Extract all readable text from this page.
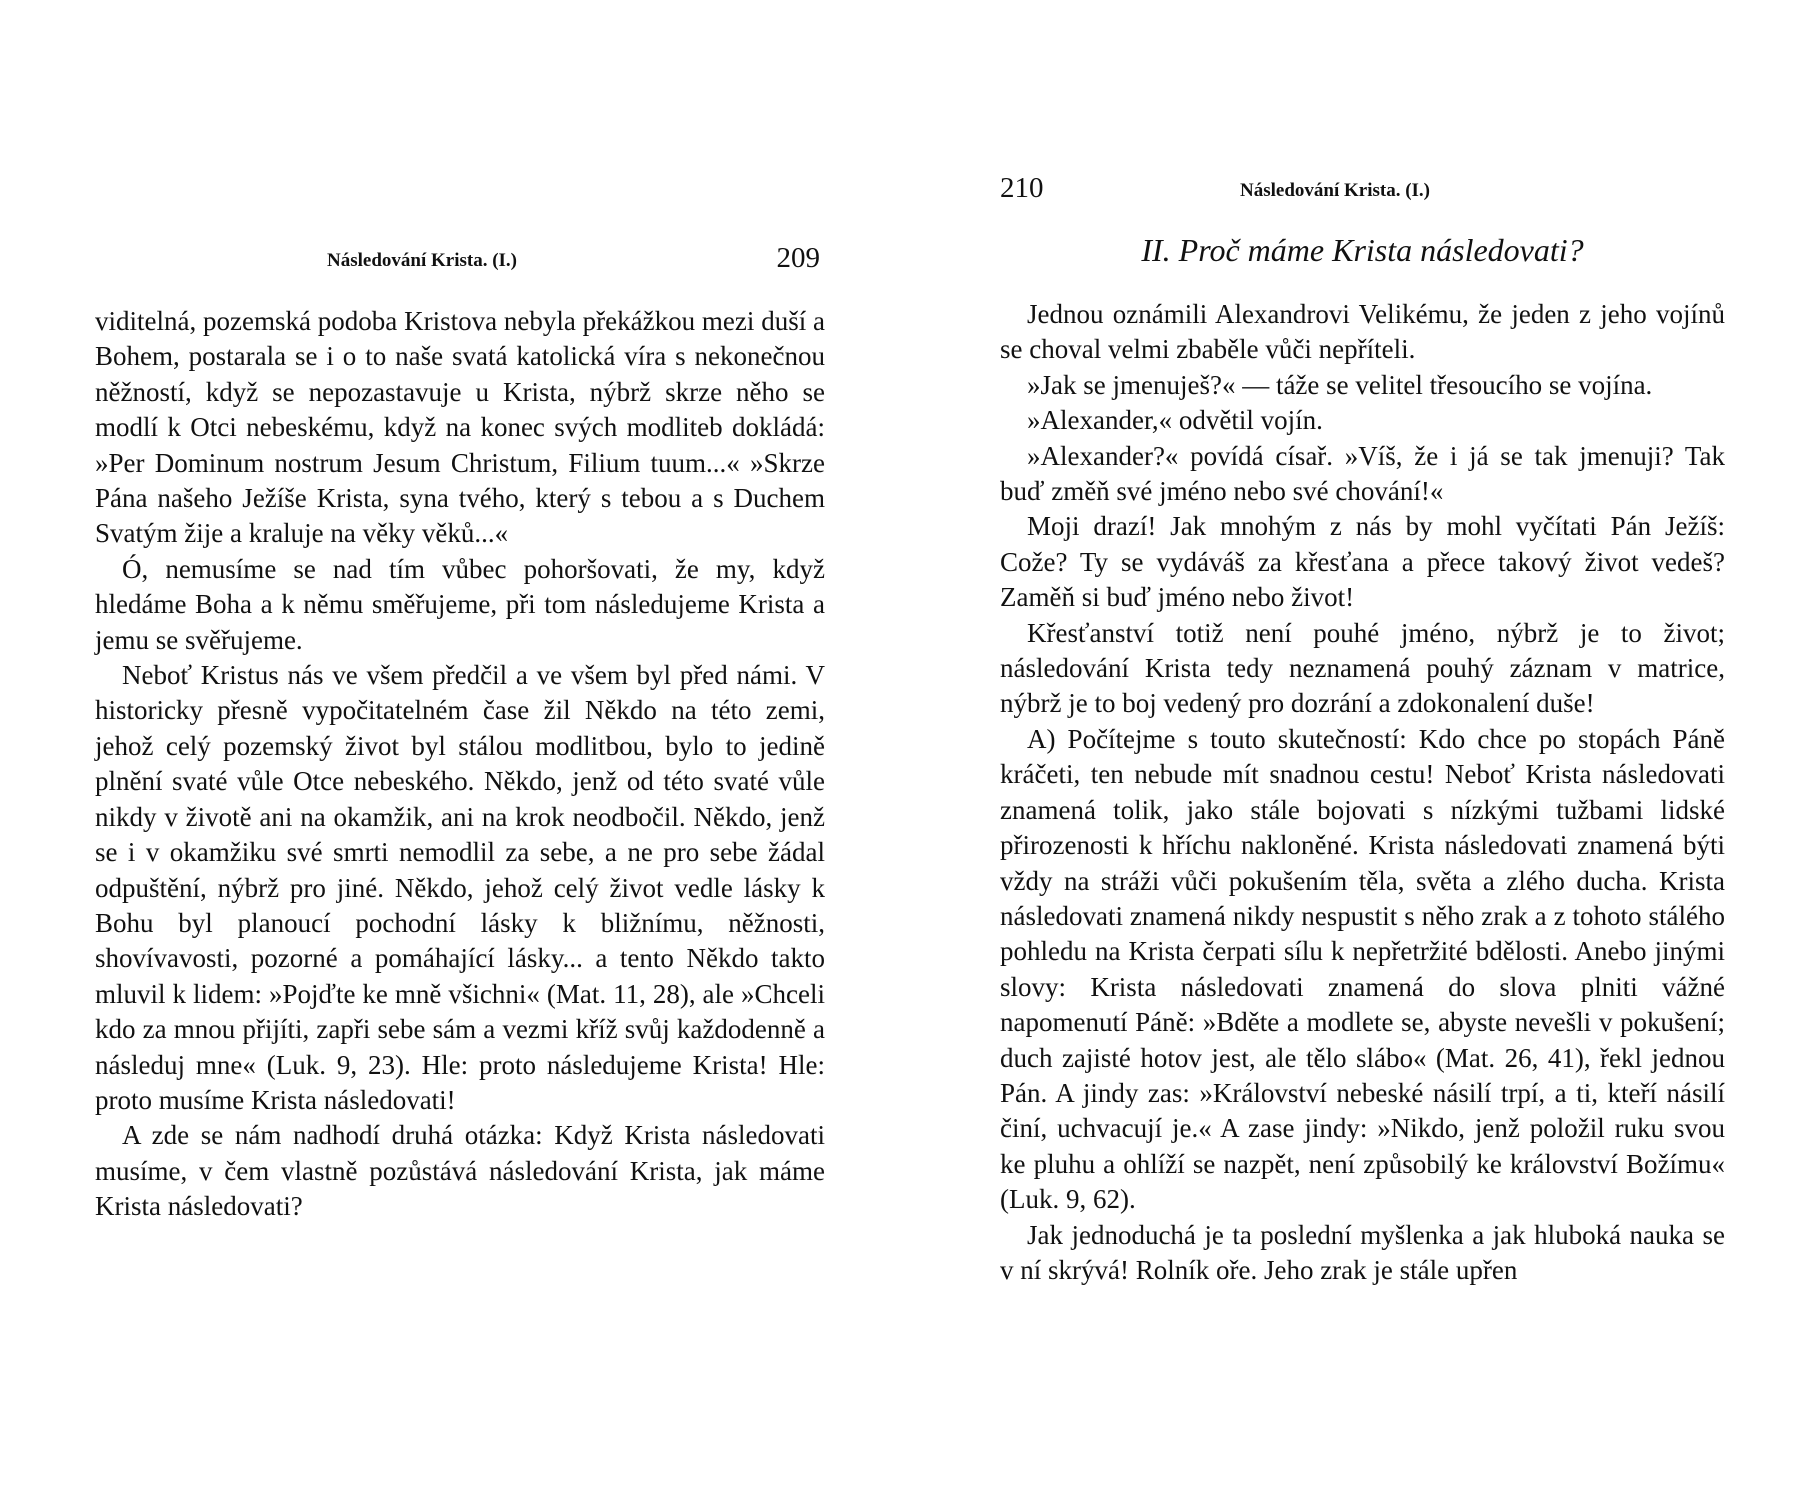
Následování Krista. (I.)	209

viditelná, pozemská podoba Kristova nebyla překážkou mezi duší a Bohem, postarala se i o to naše svatá katolická víra s nekonečnou něžností, když se nepozastavuje u Krista, nýbrž skrze něho se modlí k Otci nebeskému, když na konec svých modliteb dokládá: »Per Dominum nostrum Jesum Christum, Filium tuum...« »Skrze Pána našeho Ježíše Krista, syna tvého, který s tebou a s Duchem Svatým žije a kraluje na věky věků...«

Ó, nemusíme se nad tím vůbec pohoršovati, že my, když hledáme Boha a k němu směřujeme, při tom následujeme Krista a jemu se svěřujeme.

Neboť Kristus nás ve všem předčil a ve všem byl před námi. V historicky přesně vypočitatelném čase žil Někdo na této zemi, jehož celý pozemský život byl stálou modlitbou, bylo to jedině plnění svaté vůle Otce nebeského. Někdo, jenž od této svaté vůle nikdy v životě ani na okamžik, ani na krok neodbočil. Někdo, jenž se i v okamžiku své smrti nemodlil za sebe, a ne pro sebe žádal odpuštění, nýbrž pro jiné. Někdo, jehož celý život vedle lásky k Bohu byl planoucí pochodní lásky k bližnímu, něžnosti, shovívavosti, pozorné a pomáhající lásky... a tento Někdo takto mluvil k lidem: »Pojďte ke mně všichni« (Mat. 11, 28), ale »Chceli kdo za mnou přijíti, zapři sebe sám a vezmi kříž svůj každodenně a následuj mne« (Luk. 9, 23). Hle: proto následujeme Krista! Hle: proto musíme Krista následovati!

A zde se nám nadhodí druhá otázka: Když Krista následovati musíme, v čem vlastně pozůstává následování Krista, jak máme Krista následovati?

210	Následování Krista. (I.)
II. Proč máme Krista následovati?

Jednou oznámili Alexandrovi Velikému, že jeden z jeho vojínů se choval velmi zbaběle vůči nepříteli.

»Jak se jmenuješ?« — táže se velitel třesoucího se vojína.

»Alexander,« odvětil vojín.

»Alexander?« povídá císař. »Víš, že i já se tak jmenuji? Tak buď změň své jméno nebo své chování!«

Moji drazí! Jak mnohým z nás by mohl vyčítati Pán Ježíš: Cože? Ty se vydáváš za křesťana a přece takový život vedeš? Zaměň si buď jméno nebo život!

Křesťanství totiž není pouhé jméno, nýbrž je to život; následování Krista tedy neznamená pouhý záznam v matrice, nýbrž je to boj vedený pro dozrání a zdokonalení duše!

A) Počítejme s touto skutečností: Kdo chce po stopách Páně kráčeti, ten nebude mít snadnou cestu! Neboť Krista následovati znamená tolik, jako stále bojovati s nízkými tužbami lidské přirozenosti k hříchu nakloněné. Krista následovati znamená býti vždy na stráži vůči pokušením těla, světa a zlého ducha. Krista následovati znamená nikdy nespustit s něho zrak a z tohoto stálého pohledu na Krista čerpati sílu k nepřetržité bdělosti. Anebo jinými slovy: Krista následovati znamená do slova plniti vážné napomenutí Páně: »Bděte a modlete se, abyste nevešli v pokušení; duch zajisté hotov jest, ale tělo slábo« (Mat. 26, 41), řekl jednou Pán. A jindy zas: »Království nebeské násilí trpí, a ti, kteří násilí činí, uchvacují je.« A zase jindy: »Nikdo, jenž položil ruku svou ke pluhu a ohlíží se nazpět, není způsobilý ke království Božímu« (Luk. 9, 62).

Jak jednoduchá je ta poslední myšlenka a jak hluboká nauka se v ní skrývá! Rolník oře. Jeho zrak je stále upřen
